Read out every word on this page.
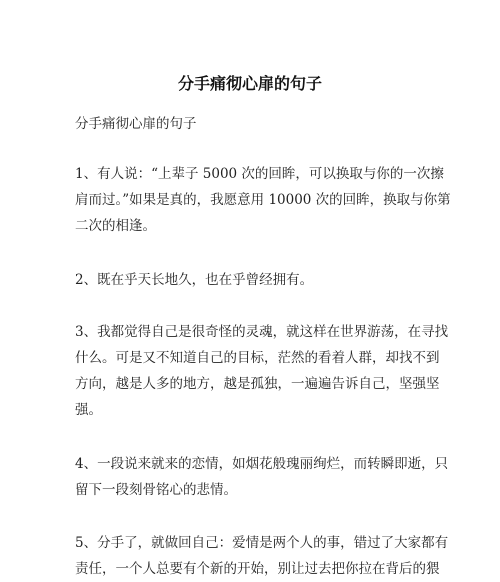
分手痛彻心扉的句子
分手痛彻心扉的句子

1、有人说：“上辈子 5000 次的回眸，可以换取与你的一次擦
肩而过。”如果是真的，我愿意用 10000 次的回眸，换取与你第
二次的相逢。

2、既在乎天长地久，也在乎曾经拥有。

3、我都觉得自己是很奇怪的灵魂，就这样在世界游荡，在寻找
什么。可是又不知道自己的目标，茫然的看着人群，却找不到
方向，越是人多的地方，越是孤独，一遍遍告诉自己，坚强坚
强。

4、一段说来就来的恋情，如烟花般瑰丽绚烂，而转瞬即逝，只
留下一段刻骨铭心的悲情。

5、分手了，就做回自己：爱情是两个人的事，错过了大家都有
责任，一个人总要有个新的开始，别让过去把你拉在背后的猥
